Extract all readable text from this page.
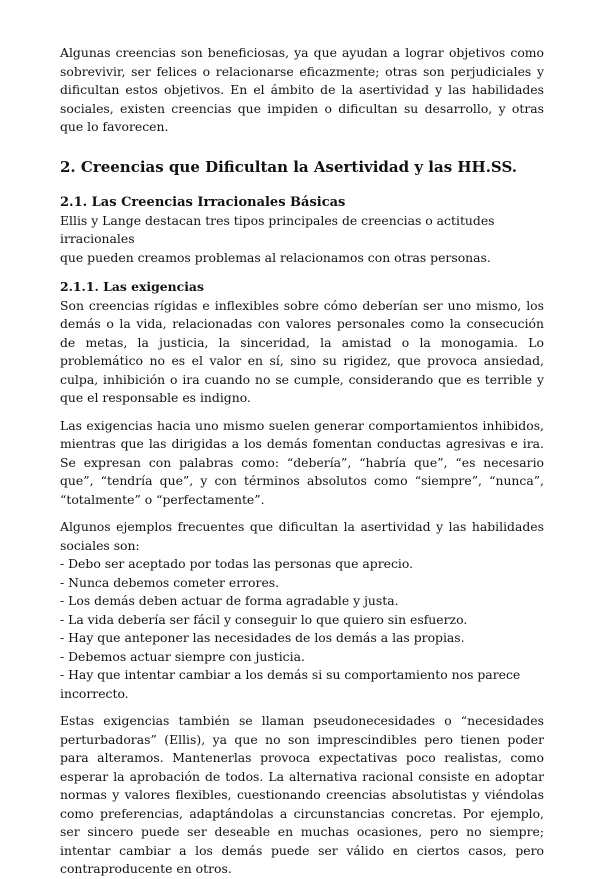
Algunas creencias son beneficiosas, ya que ayudan a lograr objetivos como sobrevivir, ser felices o relacionarse eficazmente; otras son perjudiciales y dificultan estos objetivos. En el ámbito de la asertividad y las habilidades sociales, existen creencias que impiden o dificultan su desarrollo, y otras que lo favorecen.

2. Creencias que Dificultan la Asertividad y las HH.SS.
2.1. Las Creencias Irracionales Básicas

Ellis y Lange destacan tres tipos principales de creencias o actitudes irracionales

que pueden creamos problemas al relacionamos con otras personas.

2.1.1. Las exigencias

Son creencias rígidas e inflexibles sobre cómo deberían ser uno mismo, los demás o la vida, relacionadas con valores personales como la consecución de metas, la justicia, la sinceridad, la amistad o la monogamia. Lo problemático no es el valor en sí, sino su rigidez, que provoca ansiedad, culpa, inhibición o ira cuando no se cumple, considerando que es terrible y que el responsable es indigno.

Las exigencias hacia uno mismo suelen generar comportamientos inhibidos, mientras que las dirigidas a los demás fomentan conductas agresivas e ira. Se expresan con palabras como: “debería”, “habría que”, “es necesario que”, “tendría que”, y con términos absolutos como “siempre”, “nunca”, “totalmente” o “perfectamente”.

Algunos ejemplos frecuentes que dificultan la asertividad y las habilidades sociales son:

- Debo ser aceptado por todas las personas que aprecio.
- Nunca debemos cometer errores.
- Los demás deben actuar de forma agradable y justa.
- La vida debería ser fácil y conseguir lo que quiero sin esfuerzo.
- Hay que anteponer las necesidades de los demás a las propias.
- Debemos actuar siempre con justicia.
- Hay que intentar cambiar a los demás si su comportamiento nos parece incorrecto.

Estas exigencias también se llaman pseudonecesidades o “necesidades perturbadoras” (Ellis), ya que no son imprescindibles pero tienen poder para alteramos. Mantenerlas provoca expectativas poco realistas, como esperar la aprobación de todos. La alternativa racional consiste en adoptar normas y valores flexibles, cuestionando creencias absolutistas y viéndolas como preferencias, adaptándolas a circunstancias concretas. Por ejemplo, ser sincero puede ser deseable en muchas ocasiones, pero no siempre; intentar cambiar a los demás puede ser válido en ciertos casos, pero contraproducente en otros.
